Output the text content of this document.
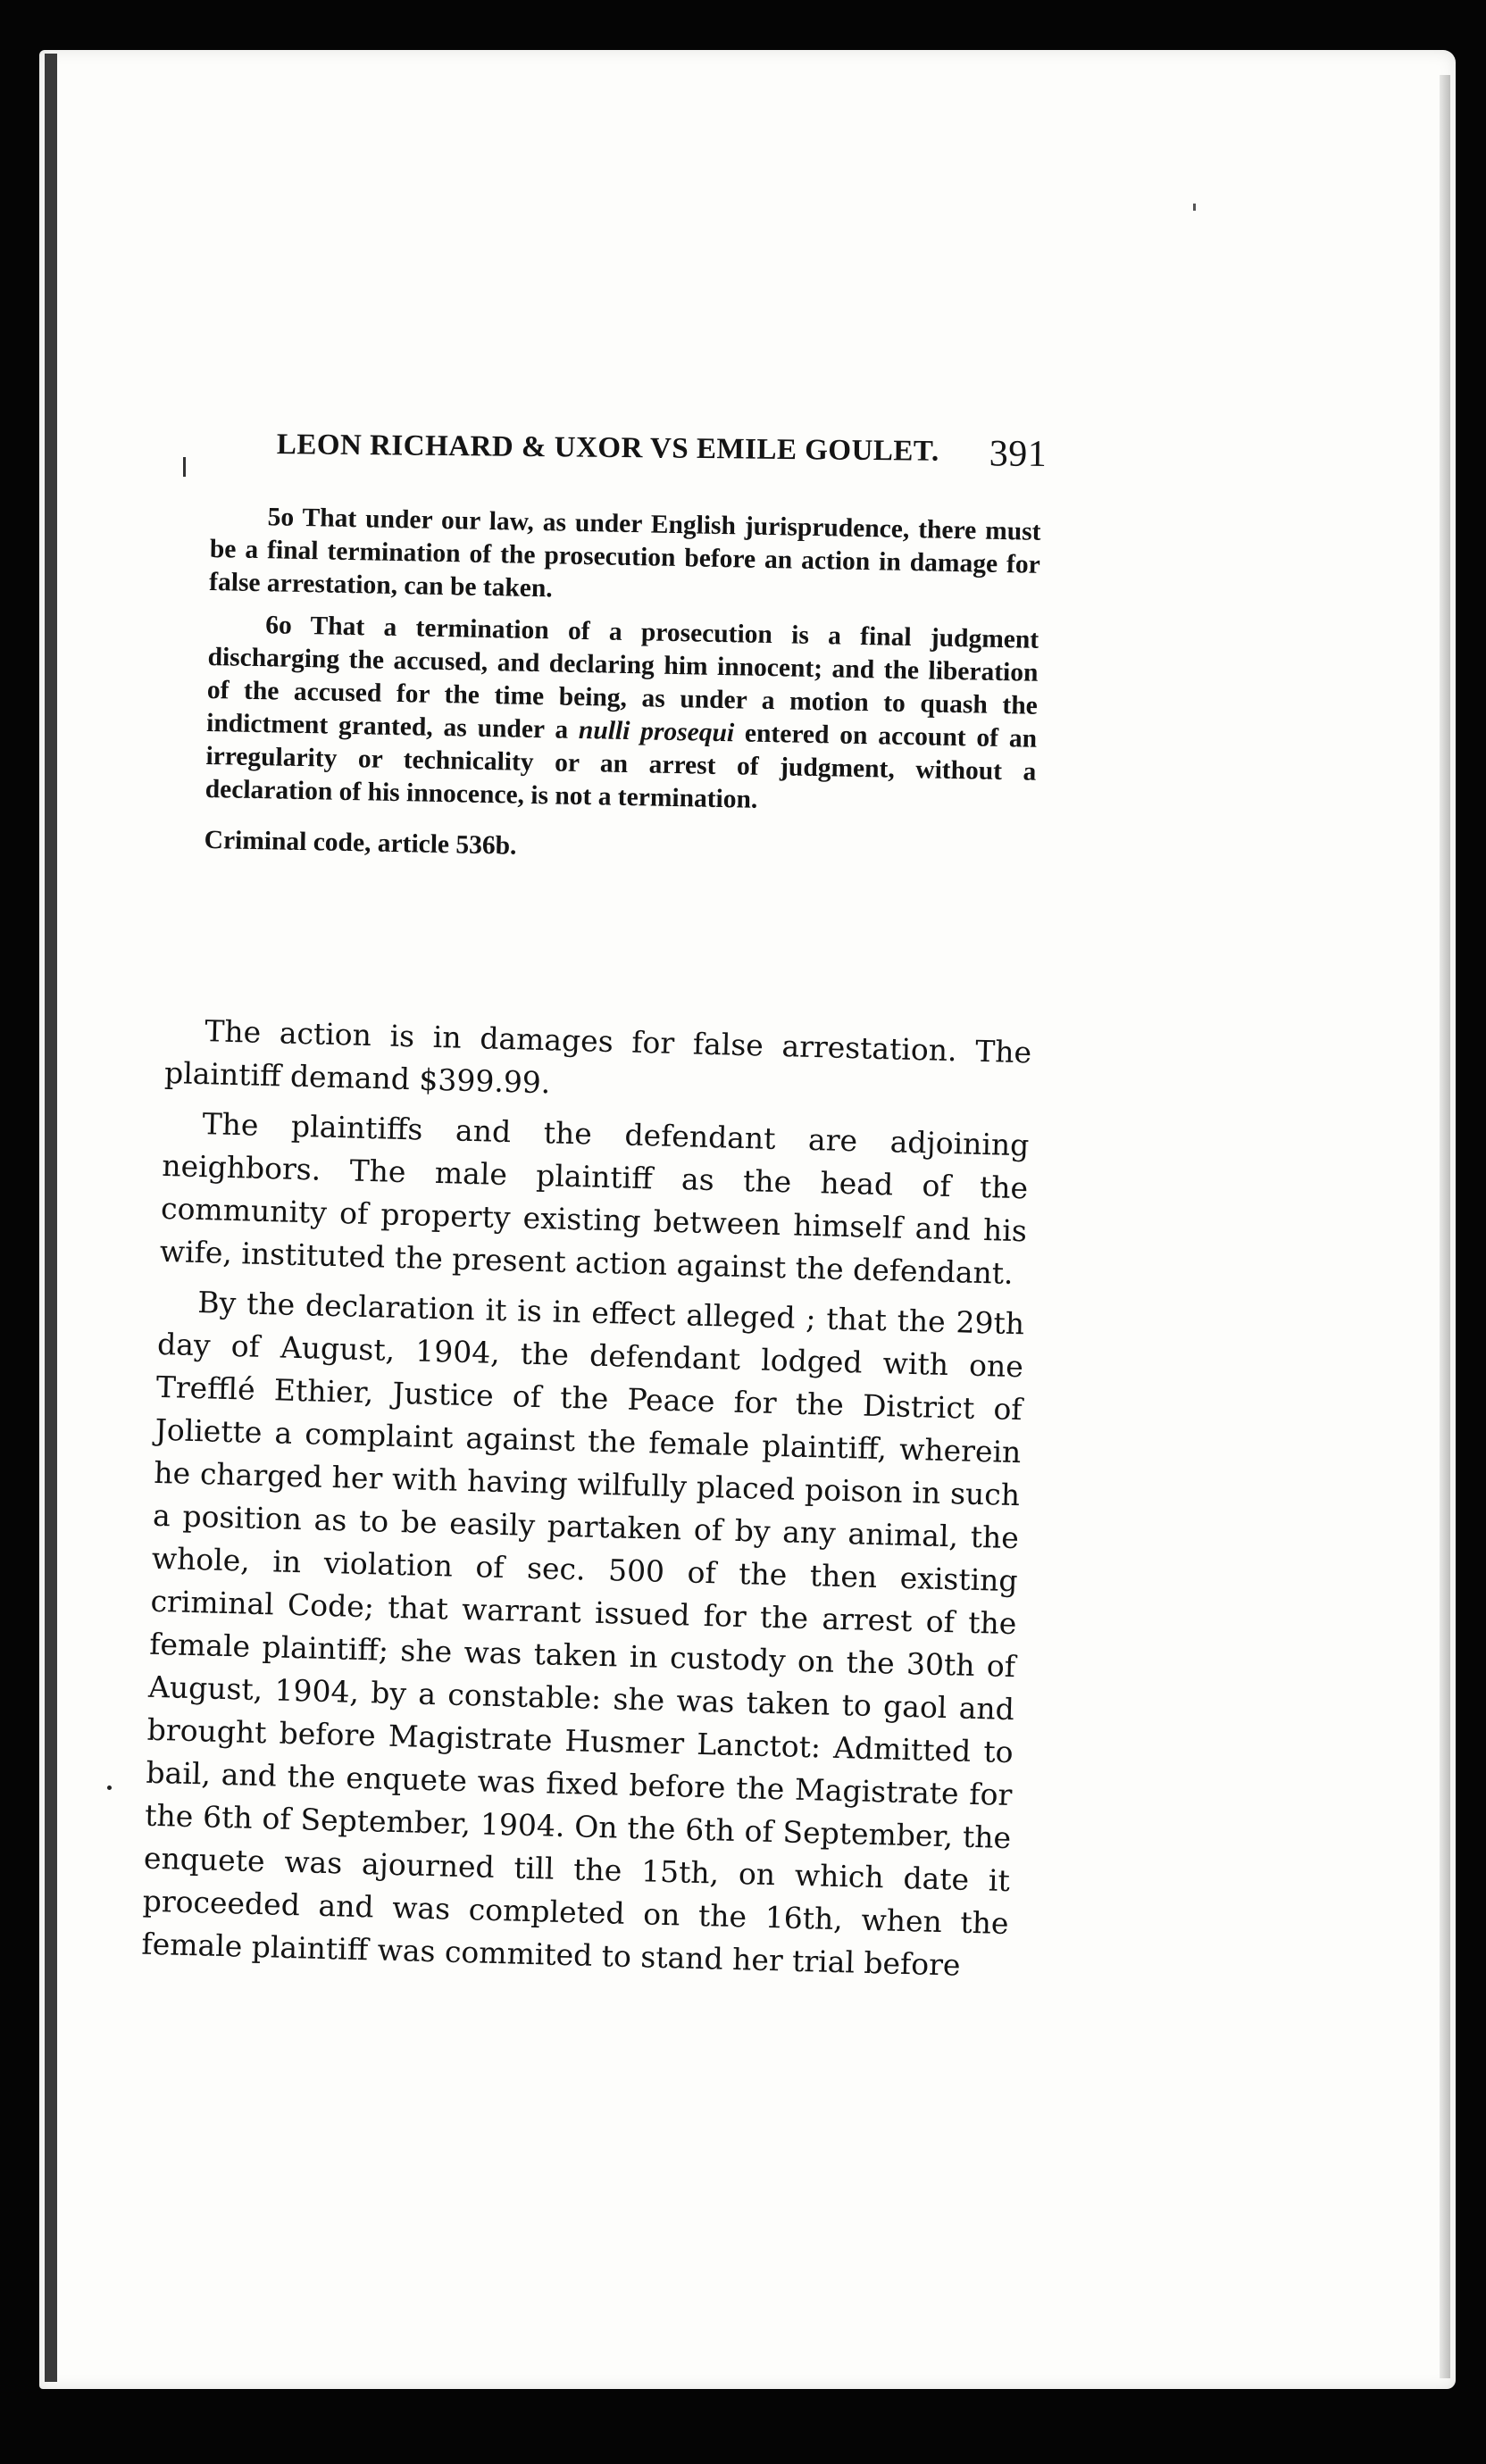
LEON RICHARD & UXOR VS EMILE GOULET. 391

5o That under our law, as under English jurisprudence, there must be a final termination of the prosecution before an action in damage for false arrestation, can be taken.

6o That a termination of a prosecution is a final judgment discharging the accused, and declaring him innocent; and the liberation of the accused for the time being, as under a motion to quash the indictment granted, as under a nulli prosequi entered on account of an irregularity or technicality or an arrest of judgment, without a declaration of his innocence, is not a termination.

Criminal code, article 536b.

The action is in damages for false arrestation. The plaintiff demand $399.99.

The plaintiffs and the defendant are adjoining neighbors. The male plaintiff as the head of the community of property existing between himself and his wife, instituted the present action against the defendant.

By the declaration it is in effect alleged ; that the 29th day of August, 1904, the defendant lodged with one Trefflé Ethier, Justice of the Peace for the District of Joliette a complaint against the female plaintiff, wherein he charged her with having wilfully placed poison in such a position as to be easily partaken of by any animal, the whole, in violation of sec. 500 of the then existing criminal Code; that warrant issued for the arrest of the female plaintiff; she was taken in custody on the 30th of August, 1904, by a constable: she was taken to gaol and brought before Magistrate Husmer Lanctot: Admitted to bail, and the enquete was fixed before the Magistrate for the 6th of September, 1904. On the 6th of September, the enquete was ajourned till the 15th, on which date it proceeded and was completed on the 16th, when the female plaintiff was commited to stand her trial before
